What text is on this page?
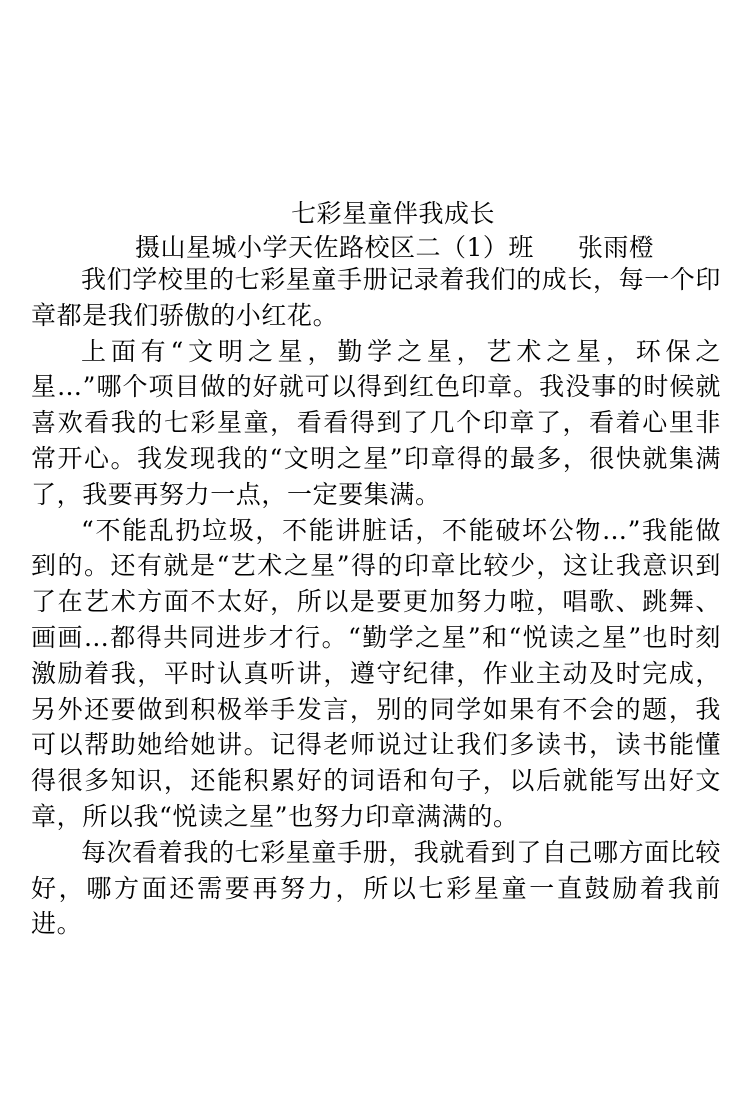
七彩星童伴我成长
摄山星城小学天佐路校区二（1）班 张雨橙

我们学校里的七彩星童手册记录着我们的成长，每一个印章都是我们骄傲的小红花。

上面有“文明之星，勤学之星，艺术之星，环保之星…”哪个项目做的好就可以得到红色印章。我没事的时候就喜欢看我的七彩星童，看看得到了几个印章了，看着心里非常开心。我发现我的“文明之星”印章得的最多，很快就集满了，我要再努力一点，一定要集满。

“不能乱扔垃圾，不能讲脏话，不能破坏公物…”我能做到的。还有就是“艺术之星”得的印章比较少，这让我意识到了在艺术方面不太好，所以是要更加努力啦，唱歌、跳舞、画画…都得共同进步才行。“勤学之星”和“悦读之星”也时刻激励着我，平时认真听讲，遵守纪律，作业主动及时完成，另外还要做到积极举手发言，别的同学如果有不会的题，我可以帮助她给她讲。记得老师说过让我们多读书，读书能懂得很多知识，还能积累好的词语和句子，以后就能写出好文章，所以我“悦读之星”也努力印章满满的。

每次看着我的七彩星童手册，我就看到了自己哪方面比较好，哪方面还需要再努力，所以七彩星童一直鼓励着我前进。
